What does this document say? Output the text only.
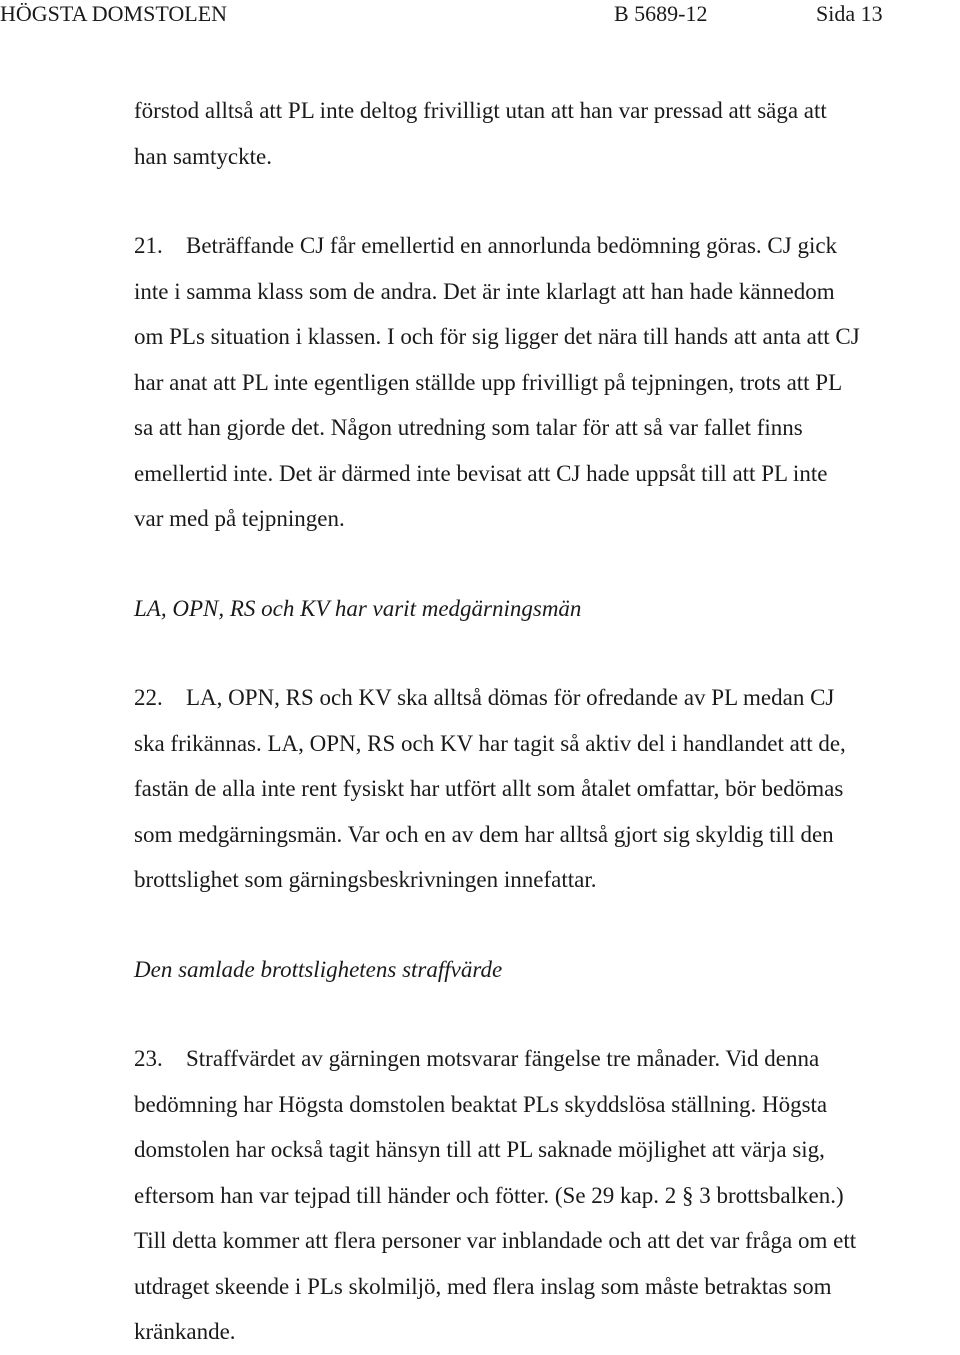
HÖGSTA DOMSTOLEN	B 5689-12	Sida 13

förstod alltså att PL inte deltog frivilligt utan att han var pressad att säga att
han samtyckte.

21. Beträffande CJ får emellertid en annorlunda bedömning göras. CJ gick
inte i samma klass som de andra. Det är inte klarlagt att han hade kännedom
om PLs situation i klassen. I och för sig ligger det nära till hands att anta att CJ
har anat att PL inte egentligen ställde upp frivilligt på tejpningen, trots att PL
sa att han gjorde det. Någon utredning som talar för att så var fallet finns
emellertid inte. Det är därmed inte bevisat att CJ hade uppsåt till att PL inte
var med på tejpningen.

LA, OPN, RS och KV har varit medgärningsmän

22. LA, OPN, RS och KV ska alltså dömas för ofredande av PL medan CJ
ska frikännas. LA, OPN, RS och KV har tagit så aktiv del i handlandet att de,
fastän de alla inte rent fysiskt har utfört allt som åtalet omfattar, bör bedömas
som medgärningsmän. Var och en av dem har alltså gjort sig skyldig till den
brottslighet som gärningsbeskrivningen innefattar.

Den samlade brottslighetens straffvärde

23. Straffvärdet av gärningen motsvarar fängelse tre månader. Vid denna
bedömning har Högsta domstolen beaktat PLs skyddslösa ställning. Högsta
domstolen har också tagit hänsyn till att PL saknade möjlighet att värja sig,
eftersom han var tejpad till händer och fötter. (Se 29 kap. 2 § 3 brottsbalken.)
Till detta kommer att flera personer var inblandade och att det var fråga om ett
utdraget skeende i PLs skolmiljö, med flera inslag som måste betraktas som
kränkande.
